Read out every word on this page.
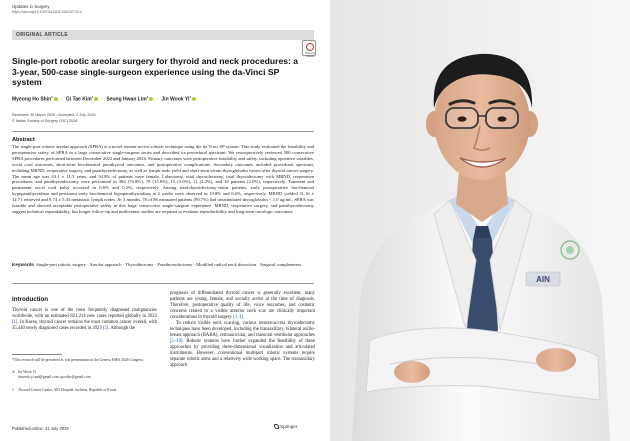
Updates in Surgery
https://doi.org/10.1007/s13304-026-02770-z
ORIGINAL ARTICLE
Check for updates
Single-port robotic areolar surgery for thyroid and neck procedures: a 3-year, 500-case single-surgeon experience using the da-Vinci SP system
Myeong Ho Shin$^1$ · Gi Tae Kim$^1$ · Seung Hwan Lim$^1$ · Jin Wook Yi$^1$
Received: 30 March 2026 / Accepted: 2 July 2026
© Italian Society of Surgery (SIC) 2026
Abstract
The single-port robotic areolar approach (SPRA) is a novel remote-access robotic technique using the da Vinci SP system. This study evaluated the feasibility and perioperative safety of SPRA in a large consecutive single-surgeon series and described its procedural spectrum. We retrospectively reviewed 500 consecutive SPRA procedures performed between December 2022 and January 2026. Primary outcomes were perioperative feasibility and safety, including operative variables, vocal cord outcomes, short-term biochemical parathyroid outcomes, and postoperative complications. Secondary outcomes included procedural spectrum, including MRND, reoperative surgery, and parathyroidectomy, as well as lymph node yield and short-term serum thyroglobulin values after thyroid cancer surgery. The mean age was 43.1 ± 11.3 years, and 94.8% of patients were female. Lobectomy, total thyroidectomy, total thyroidectomy with MRND, reoperative procedures, and parathyroidectomy were performed in 384 (76.8%), 79 (15.8%), 15 (3.0%), 11 (2.2%), and 10 patients (2.0%), respectively. Transient and permanent vocal cord palsy occurred in 0.6% and 0.2%, respectively. Among total-thyroidectomy-status patients, early postoperative biochemical hypoparathyroidism and persistent early biochemical hypoparathyroidism at 2 weeks were observed in 19.8% and 6.6%, respectively. MRND yielded 31.16 ± 12.71 retrieved and 8.74 ± 5.43 metastatic lymph nodes. At 3 months, 78 of 86 measured patients (90.7%) had unstimulated thyroglobulin < 1.0 ng/mL. SPRA was feasible and showed acceptable perioperative safety in this large consecutive single-surgeon experience. MRND, reoperative surgery, and parathyroidectomy suggest technical expandability, but longer follow-up and multicenter studies are required to evaluate reproducibility and long-term oncologic outcomes.
Keywords Single-port robotic surgery · Areolar approach · Thyroidectomy · Parathyroidectomy · Modified radical neck dissection · Surgical completeness
Introduction
Thyroid cancer is one of the most frequently diagnosed malignancies worldwide, with an estimated 821,214 new cases reported globally in 2022 [1]. In Korea, thyroid cancer remains the most common cancer overall, with 35,440 newly diagnosed cases recorded in 2023 [2]. Although the

prognosis of differentiated thyroid cancer is generally excellent, many patients are young, female, and socially active at the time of diagnosis. Therefore, postoperative quality of life, voice outcomes, and cosmetic concerns related to a visible anterior neck scar are clinically important considerations in thyroid surgery [3, 4].

To reduce visible neck scarring, various remote-access thyroidectomy techniques have been developed, including the transaxillary, bilateral axillo-breast approach (BABA), retroauricular, and transoral vestibular approaches [5–10]. Robotic systems have further expanded the feasibility of these approaches by providing three-dimensional visualization and articulated instruments. However, conventional multiport robotic systems require separate robotic arms and a relatively wide working space. The transaxillary approach

*This research will be presented as oral presentation in the Geneva ESES 2026 Congress.
✉ Jin Wook Yi
jinwook.yi.md@gmail.com; goodjw@gmail.com
1 Thyroid Cancer Center, AIN Hospital, Incheon, Republic of Korea
Published online: 31 July 2026	Springer
AIN
